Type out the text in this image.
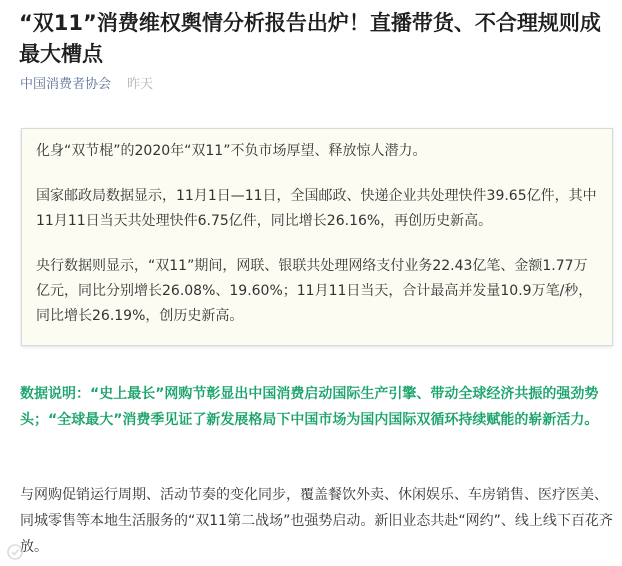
“双11”消费维权舆情分析报告出炉！直播带货、不合理规则成最大槽点
中国消费者协会 昨天

化身“双节棍”的2020年“双11”不负市场厚望、释放惊人潜力。

国家邮政局数据显示，11月1日—11日，全国邮政、快递企业共处理快件39.65亿件，其中11月11日当天共处理快件6.75亿件，同比增长26.16%，再创历史新高。

央行数据则显示，“双11”期间，网联、银联共处理网络支付业务22.43亿笔、金额1.77万亿元，同比分别增长26.08%、19.60%；11月11日当天，合计最高并发量10.9万笔/秒，同比增长26.19%，创历史新高。

数据说明：“史上最长”网购节彰显出中国消费启动国际生产引擎、带动全球经济共振的强劲势头；“全球最大”消费季见证了新发展格局下中国市场为国内国际双循环持续赋能的崭新活力。

与网购促销运行周期、活动节奏的变化同步，覆盖餐饮外卖、休闲娱乐、车房销售、医疗医美、同城零售等本地生活服务的“双11第二战场”也强势启动。新旧业态共赴“网约”、线上线下百花齐放。
